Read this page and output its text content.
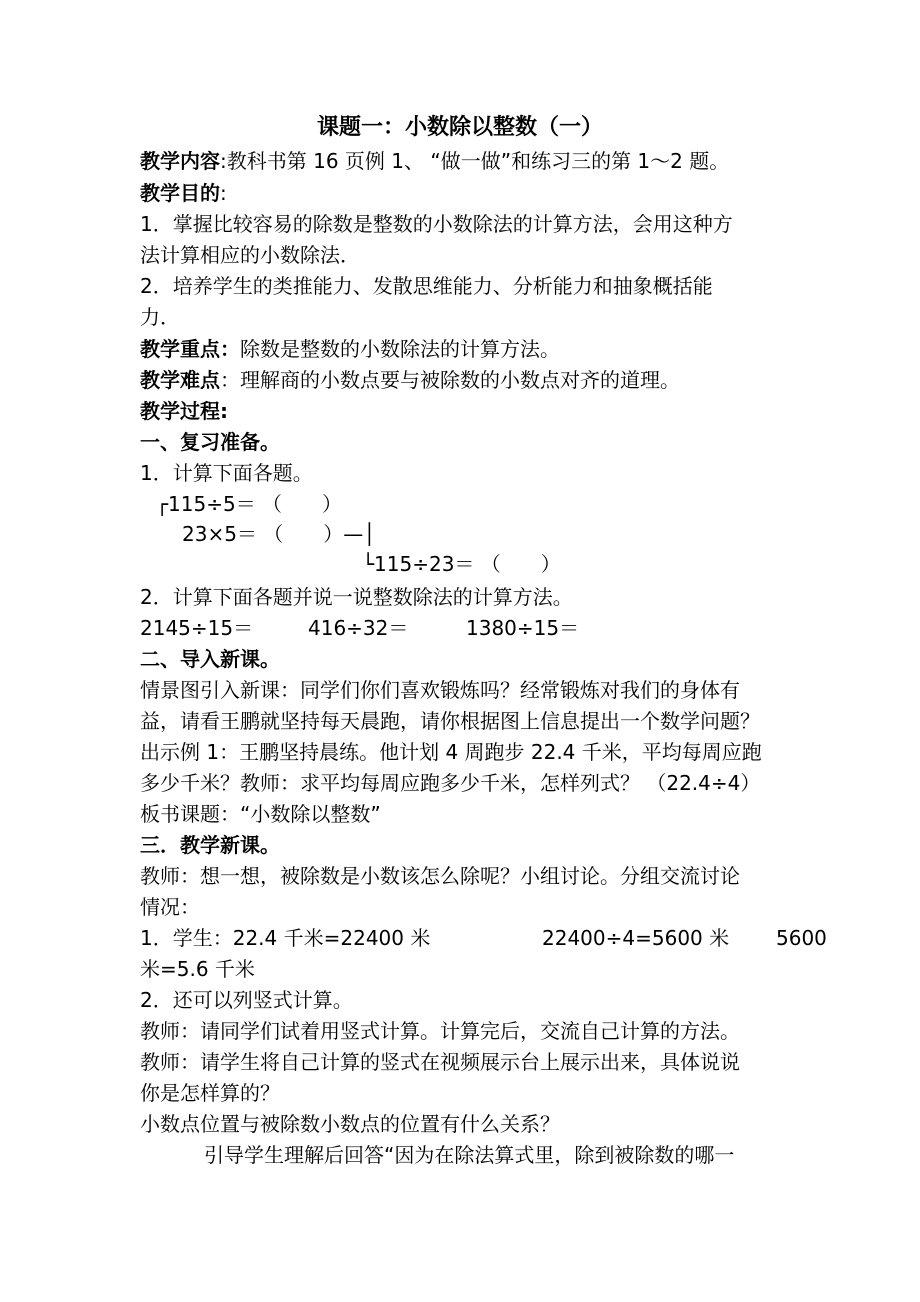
课题一：小数除以整数（一）
教学内容:教科书第 16 页例 1、 “做一做”和练习三的第 1～2 题。
教学目的:
1．掌握比较容易的除数是整数的小数除法的计算方法，会用这种方
法计算相应的小数除法．
2．培养学生的类推能力、发散思维能力、分析能力和抽象概括能
力．
教学重点：除数是整数的小数除法的计算方法。
教学难点：理解商的小数点要与被除数的小数点对齐的道理。
教学过程:
一、复习准备。
1．计算下面各题。
┌115÷5＝ （　　）
23×5＝ （　　）—│
└115÷23＝ （　　）
2．计算下面各题并说一说整数除法的计算方法。
2145÷15＝	416÷32＝	1380÷15＝
二、导入新课。
情景图引入新课：同学们你们喜欢锻炼吗？经常锻炼对我们的身体有
益，请看王鹏就坚持每天晨跑，请你根据图上信息提出一个数学问题？
出示例 1：王鹏坚持晨练。他计划 4 周跑步 22.4 千米，平均每周应跑
多少千米？教师：求平均每周应跑多少千米，怎样列式？ （22.4÷4）
板书课题：“小数除以整数”
三．教学新课。
教师：想一想，被除数是小数该怎么除呢？小组讨论。分组交流讨论
情况：
1．学生：22.4 千米=22400 米	22400÷4=5600 米 5600
米=5.6 千米
2．还可以列竖式计算。
教师：请同学们试着用竖式计算。计算完后，交流自己计算的方法。
教师：请学生将自己计算的竖式在视频展示台上展示出来，具体说说
你是怎样算的？
小数点位置与被除数小数点的位置有什么关系？
引导学生理解后回答“因为在除法算式里，除到被除数的哪一
